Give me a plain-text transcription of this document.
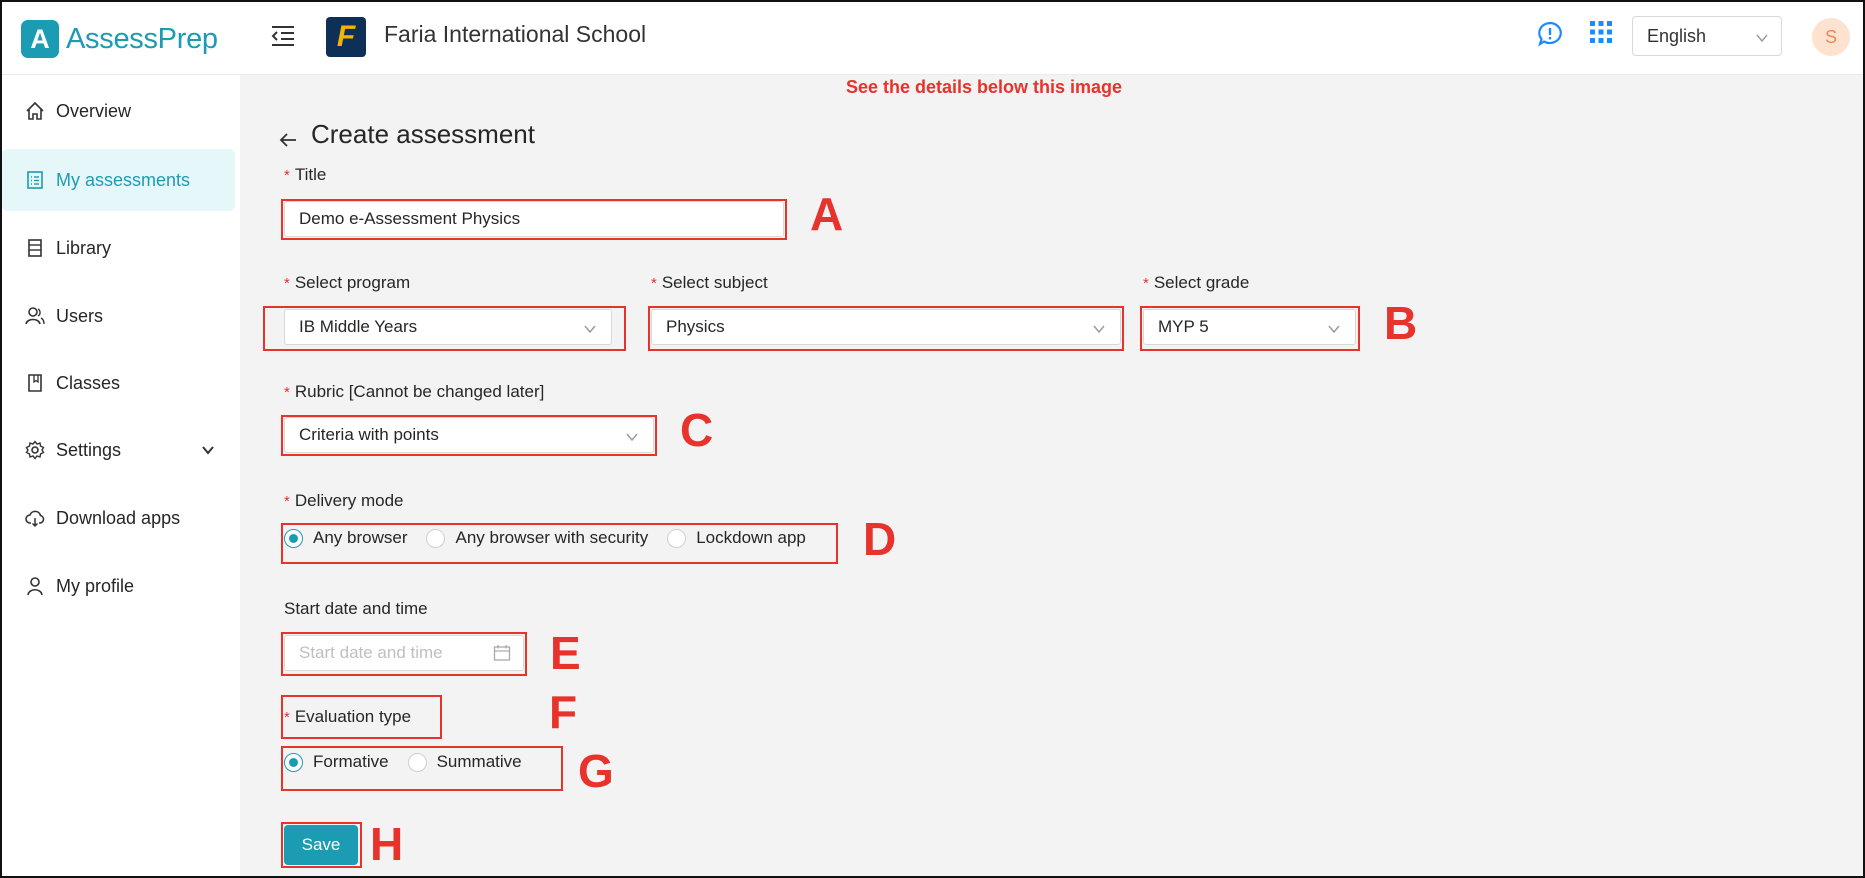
A AssessPrep	F Faria International School	English	S
Overview
My assessments
Library
Users
Classes
Settings
Download apps
My profile
See the details below this image
Create assessment
* Title
Demo e-Assessment Physics	A
* Select program
IB Middle Years
* Select subject
Physics
* Select grade
MYP 5	B
* Rubric [Cannot be changed later]
Criteria with points	C
* Delivery mode
Any browser	Any browser with security	Lockdown app D
Start date and time
Start date and time E
* Evaluation type	F
Formative	Summative G
Save H
